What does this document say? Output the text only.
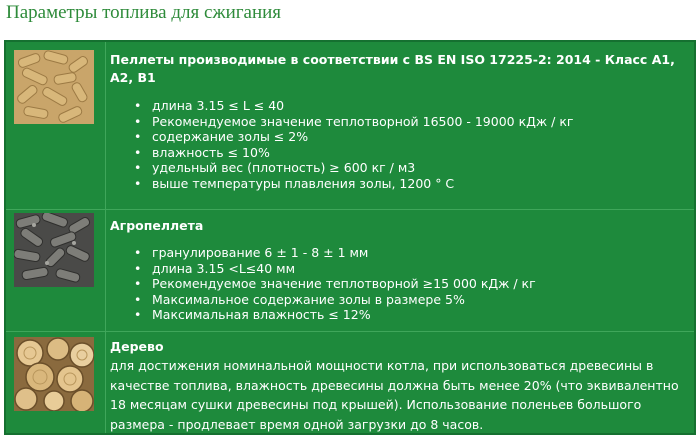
Параметры топлива для сжигания
Пеллеты производимые в соответствии с BS EN ISO 17225-2: 2014 - Класс A1, A2, B1
• длина 3.15 ≤ L ≤ 40
• Рекомендуемое значение теплотворной 16500 - 19000 кДж / кг
• содержание золы ≤ 2%
• влажность ≤ 10%
• удельный вес (плотность) ≥ 600 кг / м3
• выше температуры плавления золы, 1200 ° C
Агропеллета
• гранулирование 6 ± 1 - 8 ± 1 мм
• длина 3.15 <L≤40 мм
• Рекомендуемое значение теплотворной ≥15 000 кДж / кг
• Максимальное содержание золы в размере 5%
• Максимальная влажность ≤ 12%
Дерево
для достижения номинальной мощности котла, при использоваться древесины в качестве топлива, влажность древесины должна быть менее 20% (что эквивалентно 18 месяцам сушки древесины под крышей). Использование поленьев большого размера - продлевает время одной загрузки до 8 часов.
